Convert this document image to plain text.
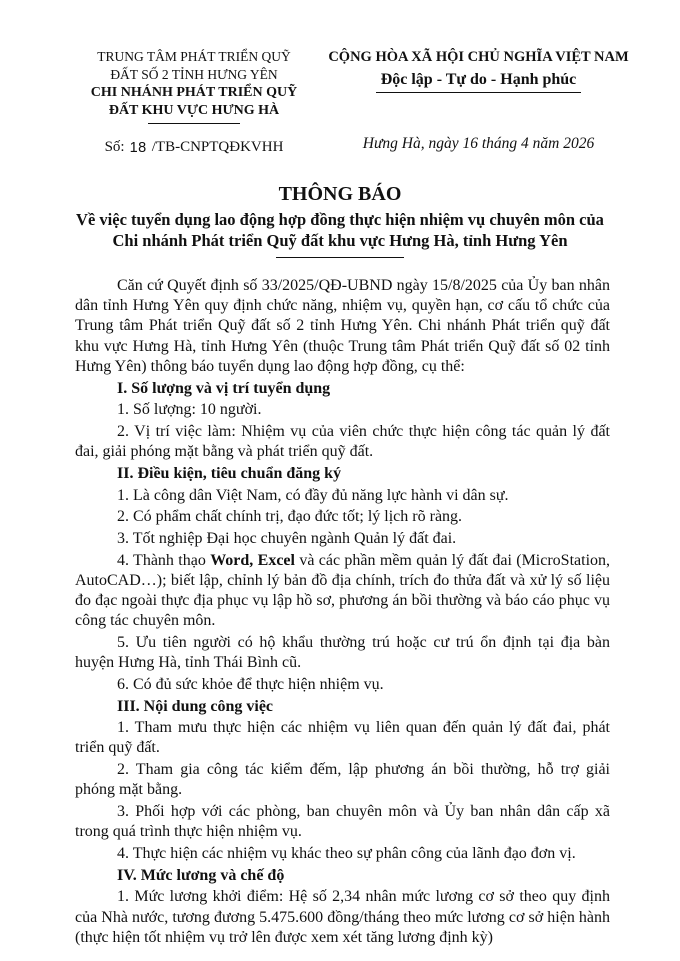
TRUNG TÂM PHÁT TRIỂN QUỸ
ĐẤT SỐ 2 TỈNH HƯNG YÊN
CHI NHÁNH PHÁT TRIỂN QUỸ
ĐẤT KHU VỰC HƯNG HÀ
Số: 18 /TB-CNPTQĐKVHH
CỘNG HÒA XÃ HỘI CHỦ NGHĨA VIỆT NAM
Độc lập - Tự do - Hạnh phúc
Hưng Hà, ngày 16 tháng 4 năm 2026
THÔNG BÁO
Về việc tuyển dụng lao động hợp đồng thực hiện nhiệm vụ chuyên môn của
Chi nhánh Phát triển Quỹ đất khu vực Hưng Hà, tỉnh Hưng Yên

Căn cứ Quyết định số 33/2025/QĐ-UBND ngày 15/8/2025 của Ủy ban nhân dân tỉnh Hưng Yên quy định chức năng, nhiệm vụ, quyền hạn, cơ cấu tổ chức của Trung tâm Phát triển Quỹ đất số 2 tỉnh Hưng Yên. Chi nhánh Phát triển quỹ đất khu vực Hưng Hà, tỉnh Hưng Yên (thuộc Trung tâm Phát triển Quỹ đất số 02 tỉnh Hưng Yên) thông báo tuyển dụng lao động hợp đồng, cụ thể:

I. Số lượng và vị trí tuyển dụng

1. Số lượng: 10 người.

2. Vị trí việc làm: Nhiệm vụ của viên chức thực hiện công tác quản lý đất đai, giải phóng mặt bằng và phát triển quỹ đất.

II. Điều kiện, tiêu chuẩn đăng ký

1. Là công dân Việt Nam, có đầy đủ năng lực hành vi dân sự.

2. Có phẩm chất chính trị, đạo đức tốt; lý lịch rõ ràng.

3. Tốt nghiệp Đại học chuyên ngành Quản lý đất đai.

4. Thành thạo Word, Excel và các phần mềm quản lý đất đai (MicroStation, AutoCAD…); biết lập, chỉnh lý bản đồ địa chính, trích đo thửa đất và xử lý số liệu đo đạc ngoài thực địa phục vụ lập hồ sơ, phương án bồi thường và báo cáo phục vụ công tác chuyên môn.

5. Ưu tiên người có hộ khẩu thường trú hoặc cư trú ổn định tại địa bàn huyện Hưng Hà, tỉnh Thái Bình cũ.

6. Có đủ sức khỏe để thực hiện nhiệm vụ.

III. Nội dung công việc

1. Tham mưu thực hiện các nhiệm vụ liên quan đến quản lý đất đai, phát triển quỹ đất.

2. Tham gia công tác kiểm đếm, lập phương án bồi thường, hỗ trợ giải phóng mặt bằng.

3. Phối hợp với các phòng, ban chuyên môn và Ủy ban nhân dân cấp xã trong quá trình thực hiện nhiệm vụ.

4. Thực hiện các nhiệm vụ khác theo sự phân công của lãnh đạo đơn vị.

IV. Mức lương và chế độ

1. Mức lương khởi điểm: Hệ số 2,34 nhân mức lương cơ sở theo quy định của Nhà nước, tương đương 5.475.600 đồng/tháng theo mức lương cơ sở hiện hành (thực hiện tốt nhiệm vụ trở lên được xem xét tăng lương định kỳ)
